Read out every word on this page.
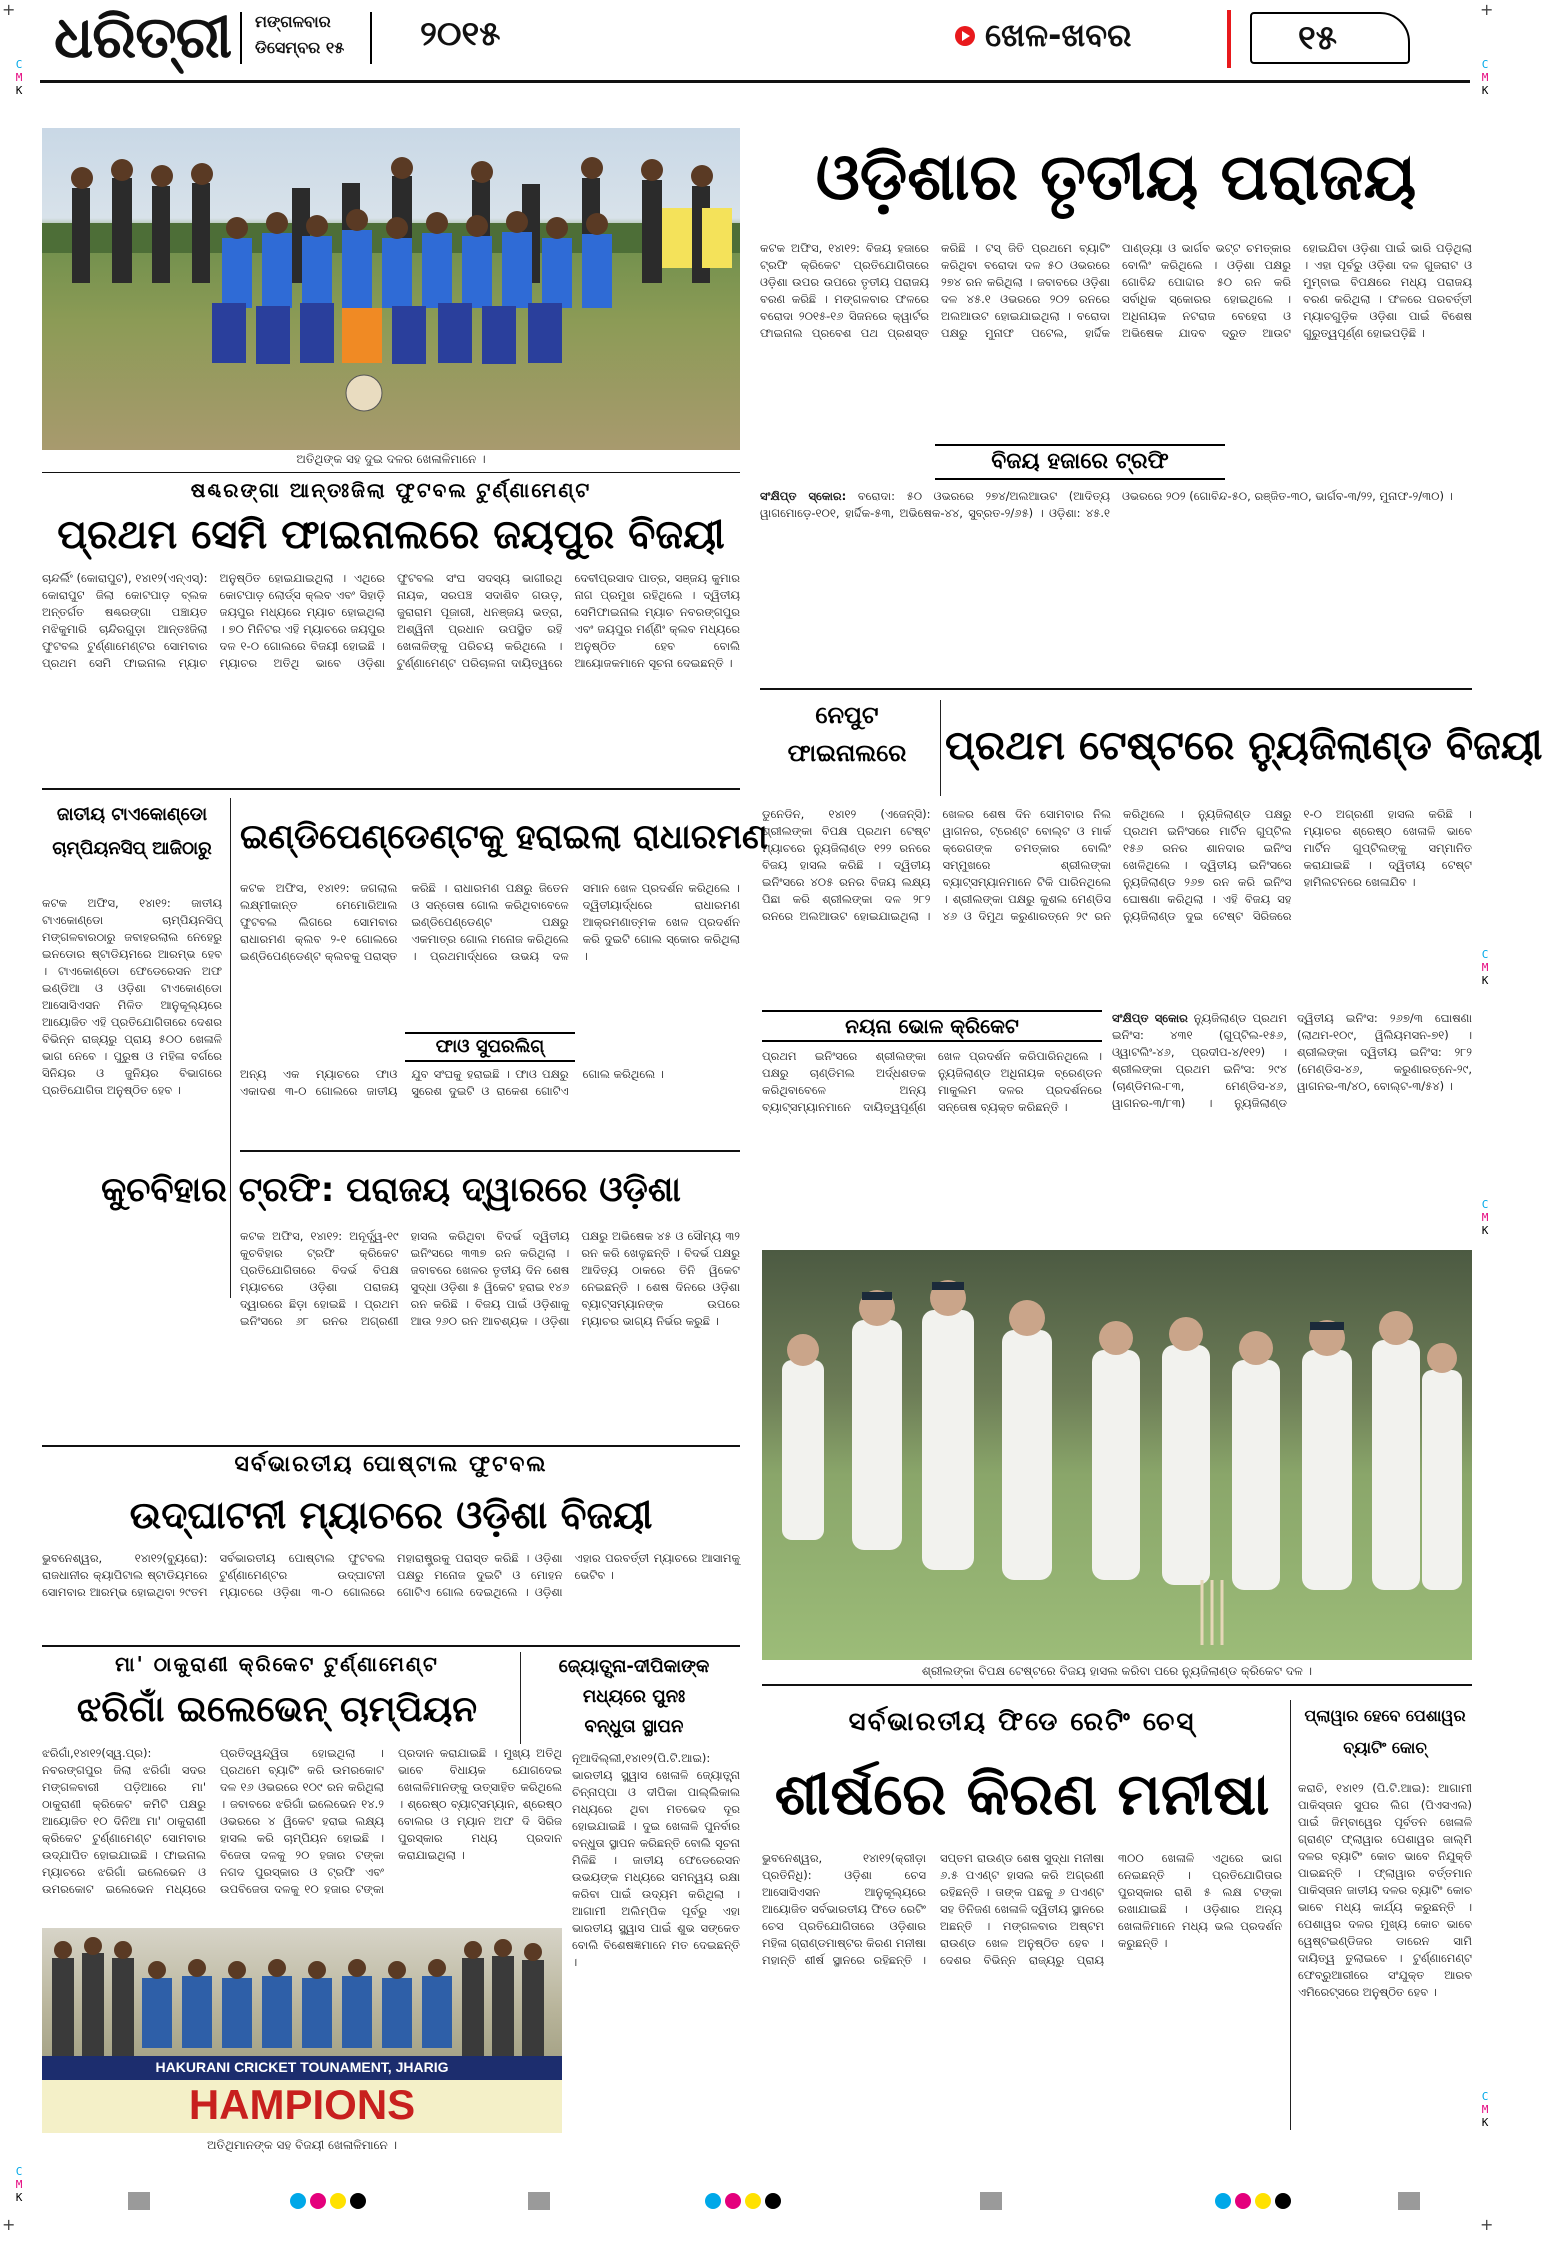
ଧରିତ୍ରୀ ମଙ୍ଗଳବାର
ଡିସେମ୍ବର ୧୫ ୨୦୧୫	ଖେଳ-ଖବର	୧୫
+	+
+	+
C
M
K
C
M
K
C
M
K
C
M
K
C
M
K
C
M
K
ଅତିଥିଙ୍କ ସହ ଦୁଇ ଦଳର ଖେଳାଳିମାନେ ।
ଷଣ୍ଢରଙ୍ଗା ଆନ୍ତଃଜିଲା ଫୁଟବଲ ଟୁର୍ଣ୍ଣାମେଣ୍ଟ
ପ୍ରଥମ ସେମି ଫାଇନାଲରେ ଜୟପୁର ବିଜୟୀ
ଚାନ୍ଦର୍ଲିଂ (କୋରାପୁଟ), ୧୪ା୧୨(ଏନ୍‌ଏସ୍‌): କୋରାପୁଟ ଜିଲା କୋଟପାଡ଼ ବ୍ଲକ ଅନ୍ତର୍ଗତ ଷଣ୍ଢରଙ୍ଗା ପଞ୍ଚାୟତ ମଝିକୁମାରି ଚାନ୍ଦିରଗୁଡ଼ା ଆନ୍ତଃଜିଲା ଫୁଟବଲ ଟୁର୍ଣ୍ଣାମେଣ୍ଟର ସୋମବାର ପ୍ରଥମ ସେମି ଫାଇନାଲ ମ୍ୟାଚ ଅନୁଷ୍ଠିତ ହୋଇଯାଇଥିଲା । ଏଥିରେ କୋଟପାଡ଼ ଲୋର୍ଡ୍‌ସ କ୍ଲବ ଏବଂ ସିହାଡ଼ି ଜୟପୁର ମଧ୍ୟରେ ମ୍ୟାଚ ହୋଇଥିଲା । ୭୦ ମିନିଟର ଏହି ମ୍ୟାଚରେ ଜୟପୁର ଦଳ ୧-୦ ଗୋଲରେ ବିଜୟୀ ହୋଇଛି । ମ୍ୟାଚର ଅତିଥି ଭାବେ ଓଡ଼ିଶା ଫୁଟବଲ ସଂଘ ସଦସ୍ୟ ଭାଗୀରଥି ନାୟକ, ସରପଞ୍ଚ ସଦାଶିବ ଗଉଡ଼, ଜୁରାରାମ ପୂଜାରୀ, ଧନଞ୍ଜୟ ଭତ୍ରା, ଅଶ୍ୱିନୀ ପ୍ରଧାନ ଉପସ୍ଥିତ ରହି ଖେଳାଳିଙ୍କୁ ପରିଚୟ କରିଥିଲେ । ଟୁର୍ଣ୍ଣାମେଣ୍ଟ ପରିଚାଳନା ଦାୟିତ୍ୱରେ ଦେବୀପ୍ରସାଦ ପାତ୍ର, ସଞ୍ଜୟ କୁମାର ନାଗ ପ୍ରମୁଖ ରହିଥିଲେ । ଦ୍ୱିତୀୟ ସେମିଫାଇନାଲ ମ୍ୟାଚ ନବରଙ୍ଗପୁର ଏବଂ ଜୟପୁର ମର୍ଣ୍ଣିଂ କ୍ଲବ ମଧ୍ୟରେ ଅନୁଷ୍ଠିତ ହେବ ବୋଲି ଆୟୋଜକମାନେ ସୂଚନା ଦେଇଛନ୍ତି ।
ଓଡ଼ିଶାର ତୃତୀୟ ପରାଜୟ
କଟକ ଅଫିସ, ୧୪ା୧୨: ବିଜୟ ହଜାରେ ଟ୍ରଫି କ୍ରିକେଟ ପ୍ରତିଯୋଗିତାରେ ଓଡ଼ିଶା ଉପର ଉପରେ ତୃତୀୟ ପରାଜୟ ବରଣ କରିଛି । ମଙ୍ଗଳବାର ଫଳରେ ବରୋଦା ୨୦୧୫-୧୬ ସିଜନରେ କ୍ୱାର୍ଟର ଫାଇନାଲ ପ୍ରବେଶ ପଥ ପ୍ରଶସ୍ତ କରିଛି । ଟସ୍ ଜିତି ପ୍ରଥମେ ବ୍ୟାଟିଂ କରିଥିବା ବରୋଦା ଦଳ ୫୦ ଓଭରରେ ୨୭୪ ରନ କରିଥିଲା । ଜବାବରେ ଓଡ଼ିଶା ଦଳ ୪୫.୧ ଓଭରରେ ୨୦୨ ରନରେ ଅଲଆଉଟ ହୋଇଯାଇଥିଲା । ବରୋଦା ପକ୍ଷରୁ ମୁନାଫ ପଟେଲ, ହାର୍ଦ୍ଦିକ ପାଣ୍ଡ୍ୟା ଓ ଭାର୍ଗବ ଭଟ୍ଟ ଚମତ୍କାର ବୋଲିଂ କରିଥିଲେ । ଓଡ଼ିଶା ପକ୍ଷରୁ ଗୋବିନ୍ଦ ପୋଦ୍ଦାର ୫୦ ରନ କରି ସର୍ବାଧିକ ସ୍କୋରର ହୋଇଥିଲେ । ଅଧିନାୟକ ନଟରାଜ ବେହେରା ଓ ଅଭିଷେକ ଯାଦବ ଦ୍ରୁତ ଆଉଟ ହୋଇଯିବା ଓଡ଼ିଶା ପାଇଁ ଭାରି ପଡ଼ିଥିଲା । ଏହା ପୂର୍ବରୁ ଓଡ଼ିଶା ଦଳ ଗୁଜରାଟ ଓ ମୁମ୍ବାଇ ବିପକ୍ଷରେ ମଧ୍ୟ ପରାଜୟ ବରଣ କରିଥିଲା । ଫଳରେ ପରବର୍ତ୍ତୀ ମ୍ୟାଚଗୁଡ଼ିକ ଓଡ଼ିଶା ପାଇଁ ବିଶେଷ ଗୁରୁତ୍ୱପୂର୍ଣ୍ଣ ହୋଇପଡ଼ିଛି ।
ବିଜୟ ହଜାରେ ଟ୍ରଫି
ସଂକ୍ଷିପ୍ତ ସ୍କୋର: ବରୋଦା: ୫୦ ଓଭରରେ ୨୭୪/ଅଲଆଉଟ (ଆଦିତ୍ୟ ୱାଗମୋଡ଼େ-୧୦୧, ହାର୍ଦ୍ଦିକ-୫୩, ଅଭିଷେକ-୪୪, ସୁବ୍ରତ-୨/୬୫) । ଓଡ଼ିଶା: ୪୫.୧ ଓଭରରେ ୨୦୨ (ଗୋବିନ୍ଦ-୫୦, ରଞ୍ଜିତ-୩୦, ଭାର୍ଗବ-୩/୨୨, ମୁନାଫ-୨/୩୦) ।
ନେପୁଟ
ଫାଇନାଲରେ ପ୍ରଥମ ଟେଷ୍ଟରେ ନ୍ୟୁଜିଲାଣ୍ଡ ବିଜୟୀ
ଡୁନେଡିନ, ୧୪ା୧୨ (ଏଜେନ୍ସି): ଶ୍ରୀଲଙ୍କା ବିପକ୍ଷ ପ୍ରଥମ ଟେଷ୍ଟ ମ୍ୟାଚରେ ନ୍ୟୁଜିଲାଣ୍ଡ ୧୨୨ ରନରେ ବିଜୟ ହାସଲ କରିଛି । ଦ୍ୱିତୀୟ ଇନିଂସରେ ୪୦୫ ରନର ବିଜୟ ଲକ୍ଷ୍ୟ ପିଛା କରି ଶ୍ରୀଲଙ୍କା ଦଳ ୨୮୨ ରନରେ ଅଲଆଉଟ ହୋଇଯାଇଥିଲା । ଖେଳର ଶେଷ ଦିନ ସୋମବାର ନିଲ ୱାଗନର, ଟ୍ରେଣ୍ଟ ବୋଲ୍ଟ ଓ ମାର୍କ କ୍ରେଗଙ୍କ ଚମତ୍କାର ବୋଲିଂ ସମ୍ମୁଖରେ ଶ୍ରୀଲଙ୍କା ବ୍ୟାଟ୍ସମ୍ୟାନମାନେ ଟିକି ପାରିନଥିଲେ । ଶ୍ରୀଲଙ୍କା ପକ୍ଷରୁ କୁଶଲ ମେଣ୍ଡିସ ୪୬ ଓ ଦିମୁଥ କରୁଣାରତ୍ନେ ୨୯ ରନ କରିଥିଲେ । ନ୍ୟୁଜିଲାଣ୍ଡ ପକ୍ଷରୁ ପ୍ରଥମ ଇନିଂସରେ ମାର୍ଟିନ ଗୁପ୍ଟିଲ ୧୫୬ ରନର ଶାନଦାର ଇନିଂସ ଖେଳିଥିଲେ । ଦ୍ୱିତୀୟ ଇନିଂସରେ ନ୍ୟୁଜିଲାଣ୍ଡ ୨୬୭ ରନ କରି ଇନିଂସ ଘୋଷଣା କରିଥିଲା । ଏହି ବିଜୟ ସହ ନ୍ୟୁଜିଲାଣ୍ଡ ଦୁଇ ଟେଷ୍ଟ ସିରିଜରେ ୧-୦ ଅଗ୍ରଣୀ ହାସଲ କରିଛି । ମ୍ୟାଚର ଶ୍ରେଷ୍ଠ ଖେଳାଳି ଭାବେ ମାର୍ଟିନ ଗୁପ୍ଟିଲଙ୍କୁ ସମ୍ମାନିତ କରାଯାଇଛି । ଦ୍ୱିତୀୟ ଟେଷ୍ଟ ହାମିଲଟନରେ ଖେଳାଯିବ ।
ନୟନା ଭୋଳ କ୍ରିକେଟ
ପ୍ରଥମ ଇନିଂସରେ ଶ୍ରୀଲଙ୍କା ପକ୍ଷରୁ ଚାଣ୍ଡିମଲ ଅର୍ଦ୍ଧଶତକ କରିଥିବାବେଳେ ଅନ୍ୟ ବ୍ୟାଟ୍ସମ୍ୟାନମାନେ ଦାୟିତ୍ୱପୂର୍ଣ୍ଣ ଖେଳ ପ୍ରଦର୍ଶନ କରିପାରିନଥିଲେ । ନ୍ୟୁଜିଲାଣ୍ଡ ଅଧିନାୟକ ବ୍ରେଣ୍ଡନ ମାକୁଲମ ଦଳର ପ୍ରଦର୍ଶନରେ ସନ୍ତୋଷ ବ୍ୟକ୍ତ କରିଛନ୍ତି ।
ସଂକ୍ଷିପ୍ତ ସ୍କୋର ନ୍ୟୁଜିଲାଣ୍ଡ ପ୍ରଥମ ଇନିଂସ: ୪୩୧ (ଗୁପ୍ଟିଲ-୧୫୬, ଓ୍ୱାଟଲିଂ-୪୬, ପ୍ରଦୀପ-୪/୧୧୨) । ଶ୍ରୀଲଙ୍କା ପ୍ରଥମ ଇନିଂସ: ୨୯୪ (ଚାଣ୍ଡିମଲ-୮୩, ମେଣ୍ଡିସ-୪୬, ୱାଗନର-୩/୮୩) । ନ୍ୟୁଜିଲାଣ୍ଡ ଦ୍ୱିତୀୟ ଇନିଂସ: ୨୬୭/୩ ଘୋଷଣା (ଲାଥମ-୧୦୯, ୱିଲିୟମସନ-୭୧) । ଶ୍ରୀଲଙ୍କା ଦ୍ୱିତୀୟ ଇନିଂସ: ୨୮୨ (ମେଣ୍ଡିସ-୪୬, କରୁଣାରତ୍ନେ-୨୯, ୱାଗନର-୩/୪୦, ବୋଲ୍ଟ-୩/୫୪) ।
ଶ୍ରୀଲଙ୍କା ବିପକ୍ଷ ଟେଷ୍ଟରେ ବିଜୟ ହାସଲ କରିବା ପରେ ନ୍ୟୁଜିଲାଣ୍ଡ କ୍ରିକେଟ ଦଳ ।
ଜାତୀୟ ଟାଏକୋଣ୍ଡୋ
ଚାମ୍ପିୟନସିପ୍ ଆଜିଠାରୁ
କଟକ ଅଫିସ, ୧୪ା୧୨: ଜାତୀୟ ଟାଏକୋଣ୍ଡୋ ଚାମ୍ପିୟନସିପ୍ ମଙ୍ଗଳବାରଠାରୁ ଜବାହରଲାଲ ନେହେରୁ ଇନଡୋର ଷ୍ଟାଡିୟମରେ ଆରମ୍ଭ ହେବ । ଟାଏକୋଣ୍ଡୋ ଫେଡେରେସନ ଅଫ ଇଣ୍ଡିଆ ଓ ଓଡ଼ିଶା ଟାଏକୋଣ୍ଡୋ ଆସୋସିଏସନ ମିଳିତ ଆନୁକୂଲ୍ୟରେ ଆୟୋଜିତ ଏହି ପ୍ରତିଯୋଗିତାରେ ଦେଶର ବିଭିନ୍ନ ରାଜ୍ୟରୁ ପ୍ରାୟ ୫୦୦ ଖେଳାଳି ଭାଗ ନେବେ । ପୁରୁଷ ଓ ମହିଳା ବର୍ଗରେ ସିନିୟର ଓ ଜୁନିୟର ବିଭାଗରେ ପ୍ରତିଯୋଗିତା ଅନୁଷ୍ଠିତ ହେବ ।
ଇଣ୍ଡିପେଣ୍ଡେଣ୍ଟକୁ ହରାଇଲା ରାଧାରମଣ
କଟକ ଅଫିସ, ୧୪ା୧୨: ଜଗଲାଲ ଲକ୍ଷ୍ମୀକାନ୍ତ ମେମୋରିଆଲ ଫୁଟବଲ ଲିଗରେ ସୋମବାର ରାଧାରମଣ କ୍ଲବ ୨-୧ ଗୋଲରେ ଇଣ୍ଡିପେଣ୍ଡେଣ୍ଟ କ୍ଲବକୁ ପରାସ୍ତ କରିଛି । ରାଧାରମଣ ପକ୍ଷରୁ ଜିତେନ ଓ ସନ୍ତୋଷ ଗୋଲ କରିଥିବାବେଳେ ଇଣ୍ଡିପେଣ୍ଡେଣ୍ଟ ପକ୍ଷରୁ ଏକମାତ୍ର ଗୋଲ ମନୋଜ କରିଥିଲେ । ପ୍ରଥମାର୍ଦ୍ଧରେ ଉଭୟ ଦଳ ସମାନ ଖେଳ ପ୍ରଦର୍ଶନ କରିଥିଲେ । ଦ୍ୱିତୀୟାର୍ଦ୍ଧରେ ରାଧାରମଣ ଆକ୍ରମଣାତ୍ମକ ଖେଳ ପ୍ରଦର୍ଶନ କରି ଦୁଇଟି ଗୋଲ ସ୍କୋର କରିଥିଲା ।
ଫାଓ ସୁପରଲିଗ୍
ଅନ୍ୟ ଏକ ମ୍ୟାଚରେ ଫାଓ ଏକାଦଶ ୩-୦ ଗୋଲରେ ଜାତୀୟ ଯୁବ ସଂଘକୁ ହରାଇଛି । ଫାଓ ପକ୍ଷରୁ ସୁରେଶ ଦୁଇଟି ଓ ରାକେଶ ଗୋଟିଏ ଗୋଲ କରିଥିଲେ ।
କୁଚବିହାର ଟ୍ରଫି: ପରାଜୟ ଦ୍ୱାରରେ ଓଡ଼ିଶା
କଟକ ଅଫିସ, ୧୪ା୧୨: ଅନୂର୍ଦ୍ଧ୍ୱ-୧୯ କୁଚବିହାର ଟ୍ରଫି କ୍ରିକେଟ ପ୍ରତିଯୋଗିତାରେ ବିଦର୍ଭ ବିପକ୍ଷ ମ୍ୟାଚରେ ଓଡ଼ିଶା ପରାଜୟ ଦ୍ୱାରରେ ଛିଡ଼ା ହୋଇଛି । ପ୍ରଥମ ଇନିଂସରେ ୬୮ ରନର ଅଗ୍ରଣୀ ହାସଲ କରିଥିବା ବିଦର୍ଭ ଦ୍ୱିତୀୟ ଇନିଂସରେ ୩୩୭ ରନ କରିଥିଲା । ଜବାବରେ ଖେଳର ତୃତୀୟ ଦିନ ଶେଷ ସୁଦ୍ଧା ଓଡ଼ିଶା ୫ ୱିକେଟ ହରାଇ ୧୪୬ ରନ କରିଛି । ବିଜୟ ପାଇଁ ଓଡ଼ିଶାକୁ ଆଉ ୨୬୦ ରନ ଆବଶ୍ୟକ । ଓଡ଼ିଶା ପକ୍ଷରୁ ଅଭିଷେକ ୪୫ ଓ ସୌମ୍ୟ ୩୨ ରନ କରି ଖେଳୁଛନ୍ତି । ବିଦର୍ଭ ପକ୍ଷରୁ ଆଦିତ୍ୟ ଠାକରେ ତିନି ୱିକେଟ ନେଇଛନ୍ତି । ଶେଷ ଦିନରେ ଓଡ଼ିଶା ବ୍ୟାଟ୍ସମ୍ୟାନଙ୍କ ଉପରେ ମ୍ୟାଚର ଭାଗ୍ୟ ନିର୍ଭର କରୁଛି ।
ସର୍ବଭାରତୀୟ ପୋଷ୍ଟାଲ ଫୁଟବଲ
ଉଦ୍‌ଘାଟନୀ ମ୍ୟାଚରେ ଓଡ଼ିଶା ବିଜୟୀ
ଭୁବନେଶ୍ୱର, ୧୪ା୧୨(ବ୍ୟୁରୋ): ରାଜଧାନୀର କ୍ୟାପିଟାଲ ଷ୍ଟାଡିୟମରେ ସୋମବାର ଆରମ୍ଭ ହୋଇଥିବା ୨୯ତମ ସର୍ବଭାରତୀୟ ପୋଷ୍ଟାଲ ଫୁଟବଲ ଟୁର୍ଣ୍ଣାମେଣ୍ଟର ଉଦ୍‌ଘାଟନୀ ମ୍ୟାଚରେ ଓଡ଼ିଶା ୩-୦ ଗୋଲରେ ମହାରାଷ୍ଟ୍ରକୁ ପରାସ୍ତ କରିଛି । ଓଡ଼ିଶା ପକ୍ଷରୁ ମନୋଜ ଦୁଇଟି ଓ ମୋହନ ଗୋଟିଏ ଗୋଲ ଦେଇଥିଲେ । ଓଡ଼ିଶା ଏହାର ପରବର୍ତ୍ତୀ ମ୍ୟାଚରେ ଆସାମକୁ ଭେଟିବ ।
ମା' ଠାକୁରାଣୀ କ୍ରିକେଟ ଟୁର୍ଣ୍ଣାମେଣ୍ଟ
ଝରିଗାଁ ଇଲେଭେନ୍ ଚାମ୍ପିୟନ
ଝରିଗାଁ,୧୪ା୧୨(ସ୍ୱ.ପ୍ର): ନବରଙ୍ଗପୁର ଜିଲା ଝରିଗାଁ ସଦର ମଙ୍ଗଳବାରୀ ପଡ଼ିଆରେ ମା' ଠାକୁରାଣୀ କ୍ରିକେଟ କମିଟି ପକ୍ଷରୁ ଆୟୋଜିତ ୧୦ ଦିନିଆ ମା' ଠାକୁରାଣୀ କ୍ରିକେଟ ଟୁର୍ଣ୍ଣାମେଣ୍ଟ ସୋମବାର ଉଦ୍‌ଯାପିତ ହୋଇଯାଇଛି । ଫାଇନାଲ ମ୍ୟାଚରେ ଝରିଗାଁ ଇଲେଭେନ ଓ ଉମରକୋଟ ଇଲେଭେନ ମଧ୍ୟରେ ପ୍ରତିଦ୍ୱନ୍ଦ୍ୱିତା ହୋଇଥିଲା । ପ୍ରଥମେ ବ୍ୟାଟିଂ କରି ଉମରକୋଟ ଦଳ ୧୬ ଓଭରରେ ୧୦୯ ରନ କରିଥିଲା । ଜବାବରେ ଝରିଗାଁ ଇଲେଭେନ ୧୪.୨ ଓଭରରେ ୪ ୱିକେଟ ହରାଇ ଲକ୍ଷ୍ୟ ହାସଲ କରି ଚାମ୍ପିୟନ ହୋଇଛି । ବିଜେତା ଦଳକୁ ୨୦ ହଜାର ଟଙ୍କା ନଗଦ ପୁରସ୍କାର ଓ ଟ୍ରଫି ଏବଂ ଉପବିଜେତା ଦଳକୁ ୧୦ ହଜାର ଟଙ୍କା ପ୍ରଦାନ କରାଯାଇଛି । ମୁଖ୍ୟ ଅତିଥି ଭାବେ ବିଧାୟକ ଯୋଗଦେଇ ଖେଳାଳିମାନଙ୍କୁ ଉତ୍ସାହିତ କରିଥିଲେ । ଶ୍ରେଷ୍ଠ ବ୍ୟାଟ୍ସମ୍ୟାନ, ଶ୍ରେଷ୍ଠ ବୋଲର ଓ ମ୍ୟାନ ଅଫ ଦି ସିରିଜ ପୁରସ୍କାର ମଧ୍ୟ ପ୍ରଦାନ କରାଯାଇଥିଲା ।
ଜ୍ୟୋତ୍ସ୍ନା-ଦୀପିକାଙ୍କ
ମଧ୍ୟରେ ପୁନଃ
ବନ୍ଧୁତା ସ୍ଥାପନ
ନୂଆଦିଲ୍ଲୀ,୧୪ା୧୨(ପି.ଟି.ଆଇ): ଭାରତୀୟ ସ୍କ୍ୱାସ ଖେଳାଳି ଜ୍ୟୋତ୍ସ୍ନା ଚିନ୍ନାପ୍ପା ଓ ଦୀପିକା ପାଲ୍ଲିକାଲ ମଧ୍ୟରେ ଥିବା ମତଭେଦ ଦୂର ହୋଇଯାଇଛି । ଦୁଇ ଖେଳାଳି ପୁନର୍ବାର ବନ୍ଧୁତା ସ୍ଥାପନ କରିଛନ୍ତି ବୋଲି ସୂଚନା ମିଳିଛି । ଜାତୀୟ ଫେଡେରେସନ ଉଭୟଙ୍କ ମଧ୍ୟରେ ସମନ୍ୱୟ ରକ୍ଷା କରିବା ପାଇଁ ଉଦ୍ୟମ କରିଥିଲା । ଆଗାମୀ ଅଲିମ୍ପିକ ପୂର୍ବରୁ ଏହା ଭାରତୀୟ ସ୍କ୍ୱାସ ପାଇଁ ଶୁଭ ସଙ୍କେତ ବୋଲି ବିଶେଷଜ୍ଞମାନେ ମତ ଦେଇଛନ୍ତି ।
HAKURANI CRICKET TOUNAMENT, JHARIG
HAMPIONS
ଅତିଥିମାନଙ୍କ ସହ ବିଜୟୀ ଖେଳାଳିମାନେ ।
ସର୍ବଭାରତୀୟ ଫିଡେ ରେଟିଂ ଚେସ୍
ଶୀର୍ଷରେ କିରଣ ମନୀଷା
ଭୁବନେଶ୍ୱର, ୧୪ା୧୨(କ୍ରୀଡ଼ା ପ୍ରତିନିଧି): ଓଡ଼ିଶା ଚେସ ଆସୋସିଏସନ ଆନୁକୂଲ୍ୟରେ ଆୟୋଜିତ ସର୍ବଭାରତୀୟ ଫିଡେ ରେଟିଂ ଚେସ ପ୍ରତିଯୋଗିତାରେ ଓଡ଼ିଶାର ମହିଳା ଗ୍ରାଣ୍ଡମାଷ୍ଟର କିରଣ ମନୀଷା ମହାନ୍ତି ଶୀର୍ଷ ସ୍ଥାନରେ ରହିଛନ୍ତି । ସପ୍ତମ ରାଉଣ୍ଡ ଶେଷ ସୁଦ୍ଧା ମନୀଷା ୬.୫ ପଏଣ୍ଟ ହାସଲ କରି ଅଗ୍ରଣୀ ରହିଛନ୍ତି । ତାଙ୍କ ପଛକୁ ୬ ପଏଣ୍ଟ ସହ ତିନିଜଣ ଖେଳାଳି ଦ୍ୱିତୀୟ ସ୍ଥାନରେ ଅଛନ୍ତି । ମଙ୍ଗଳବାର ଅଷ୍ଟମ ରାଉଣ୍ଡ ଖେଳ ଅନୁଷ୍ଠିତ ହେବ । ଦେଶର ବିଭିନ୍ନ ରାଜ୍ୟରୁ ପ୍ରାୟ ୩୦୦ ଖେଳାଳି ଏଥିରେ ଭାଗ ନେଇଛନ୍ତି । ପ୍ରତିଯୋଗିତାର ପୁରସ୍କାର ରାଶି ୫ ଲକ୍ଷ ଟଙ୍କା ରଖାଯାଇଛି । ଓଡ଼ିଶାର ଅନ୍ୟ ଖେଳାଳିମାନେ ମଧ୍ୟ ଭଲ ପ୍ରଦର୍ଶନ କରୁଛନ୍ତି ।
ପ୍ଲାୱାର ହେବେ ପେଶାୱର
ବ୍ୟାଟିଂ କୋଚ୍
କରାଚି, ୧୪ା୧୨ (ପି.ଟି.ଆଇ): ଆଗାମୀ ପାକିସ୍ତାନ ସୁପର ଲିଗ (ପିଏସଏଲ) ପାଇଁ ଜିମ୍ବାୱେର ପୂର୍ବତନ ଖେଳାଳି ଗ୍ରାଣ୍ଟ ଫ୍ଲାୱାର ପେଶାୱର ଜାଲ୍ମି ଦଳର ବ୍ୟାଟିଂ କୋଚ ଭାବେ ନିଯୁକ୍ତି ପାଇଛନ୍ତି । ଫ୍ଲାୱାର ବର୍ତ୍ତମାନ ପାକିସ୍ତାନ ଜାତୀୟ ଦଳର ବ୍ୟାଟିଂ କୋଚ ଭାବେ ମଧ୍ୟ କାର୍ଯ୍ୟ କରୁଛନ୍ତି । ପେଶାୱର ଦଳର ମୁଖ୍ୟ କୋଚ ଭାବେ ୱେଷ୍ଟଇଣ୍ଡିଜର ଡାରେନ ସାମି ଦାୟିତ୍ୱ ତୁଲାଇବେ । ଟୁର୍ଣ୍ଣାମେଣ୍ଟ ଫେବ୍ରୁଆରୀରେ ସଂଯୁକ୍ତ ଆରବ ଏମିରେଟ୍ସରେ ଅନୁଷ୍ଠିତ ହେବ ।
